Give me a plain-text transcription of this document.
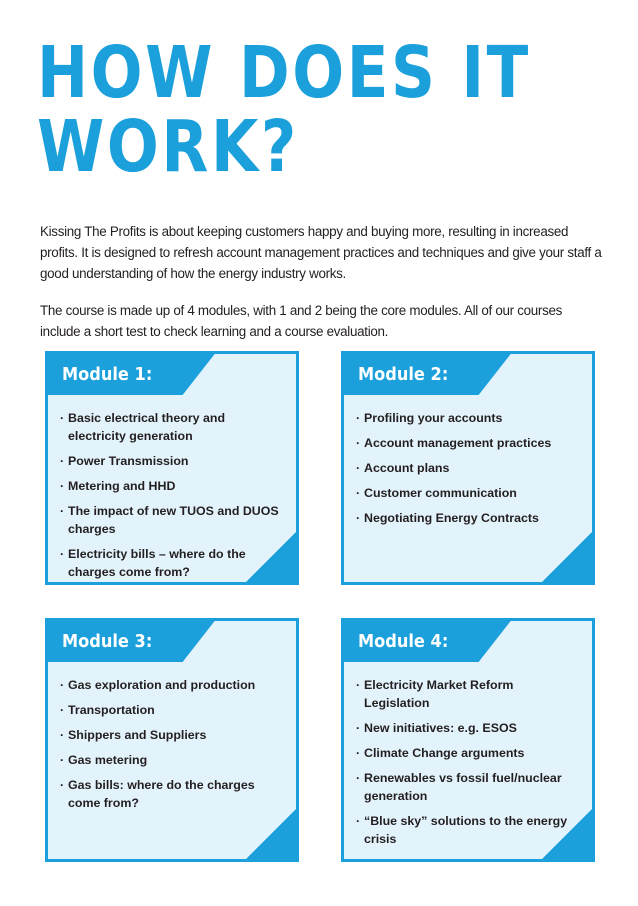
HOW DOES IT
WORK?

Kissing The Profits is about keeping customers happy and buying more, resulting in increased profits. It is designed to refresh account management practices and techniques and give your staff a good understanding of how the energy industry works.

The course is made up of 4 modules, with 1 and 2 being the core modules. All of our courses include a short test to check learning and a course evaluation.

Module 1:
· Basic electrical theory and electricity generation
· Power Transmission
· Metering and HHD
· The impact of new TUOS and DUOS charges
· Electricity bills – where do the charges come from?
Module 2:
· Profiling your accounts
· Account management practices
· Account plans
· Customer communication
· Negotiating Energy Contracts
Module 3:
· Gas exploration and production
· Transportation
· Shippers and Suppliers
· Gas metering
· Gas bills: where do the charges come from?
Module 4:
· Electricity Market Reform Legislation
· New initiatives: e.g. ESOS
· Climate Change arguments
· Renewables vs fossil fuel/nuclear generation
· “Blue sky” solutions to the energy crisis
